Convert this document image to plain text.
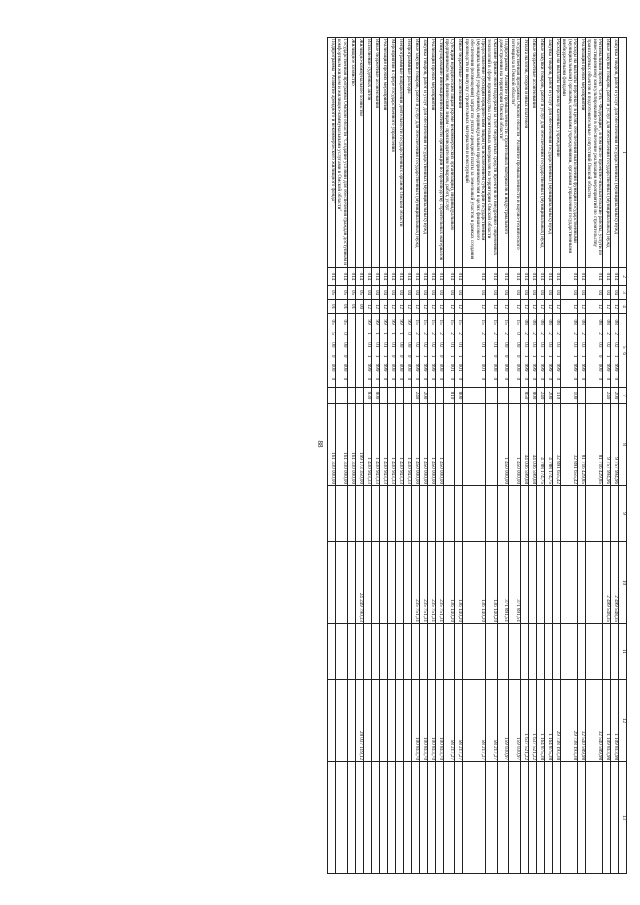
88
1	2	3	4	5   6	7	8	9	10	11	12	13
Закупка товаров, работ и услуг для обеспечения государственных (муниципальных) нужд	014	04	12	0820219990	200	9 757 994,96		2 499 548,35		1 109 813,98	
Иные закупки товаров, работ и услуг для обеспечения государственных (муниципальных) нужд	014	04	12	0820219990	240	9 757 994,96		2 499 548,35		1 109 813,98	
Региональный проект "Сеть - Федерация", в том числе проектно-изыскательские работы, услуги по инвестиционному консультированию в обеспечение реализации мероприятий по строительству транспортных объектов и подготовительные сопутствий Омской области	014	04	12	0820300000		81 716 429,85				32 540 589,98	
Реализация прочих мероприятий	014	04	12	0820319990		81 716 429,85				32 540 589,98	
Расходы на выплаты персоналу в целях обеспечения выполнения функций государственными (муниципальными) органами, казенными учреждениями, органами управления государственными внебюджетными фондами	014	04	12	0820319990	100	32 891 655,42				29 738 193,38	
Расходы на выплаты персоналу казенных учреждений	014	04	12	0820319990	110	32 891 655,42				29 738 193,38	
Закупка товаров, работ и услуг для обеспечения государственных (муниципальных) нужд	014	04	12	0820319990	200	4 788 174,75				1 164 875,38	
Иные закупки товаров, работ и услуг для обеспечения государственных (муниципальных) нужд	014	04	12	0820319990	240	4 788 174,75				1 164 875,38	
Иные бюджетные ассигнования	014	04	12	0820319990	800	44 036 599,68				1 637 521,22	
Уплата налогов, сборов и иных платежей	014	04	12	0820319990	850	44 036 599,68				1 637 521,22	
Государственная программа Омской области "Развитие промышленности и научно-технического потенциала в Омской области"	014	04	12	1500000000		1 450 000,00		371 891,51		159 030,97	
Подпрограмма "Развитие промышленности строительных материалов и индустриального домостроения на территории Омской области"	014	04	12	1520000000		1 450 000,00		371 891,51		159 030,97	
Оказание финансовой поддержки за счет бюджетных средств проектов по внедрению современных технологий в сфере производства строительных материалов на территории Омской области	014	04	12	1520100000				136 140,20		58 217,27	
Предоставление субсидий юридическим лицам (за исключением субсидий государственным (муниципальным) учреждениям), индивидуальным предпринимателям в целях финансового обеспечения (возмещения) затрат по уплате арендной платы за земельный участок в рамках создания производств по выпуску строительных материалов и конструкций	014	04	12	1520110010				136 140,20		58 217,27	
Иные бюджетные ассигнования	014	04	12	1520110010	800			136 140,20		58 217,27	
Субсидии юридическим лицам (кроме некоммерческих организаций), индивидуальным предпринимателям, физическим лицам - производителям товаров, работ, услуг	014	04	12	1520110010	810			136 140,20		58 217,27	
Стимулирование инновационной активности организаций по производству строительных материалов	014	04	12	1520200000		1 450 000,00		235 751,31		100 813,70	
Реализация прочих мероприятий	014	04	12	1520219990		1 450 000,00		235 751,31		100 813,70	
Закупка товаров, работ и услуг для обеспечения государственных (муниципальных) нужд	014	04	12	1520219990	200	1 450 000,00		235 751,31		100 813,70	
Иные закупки товаров, работ и услуг для обеспечения государственных (муниципальных) нужд	014	04	12	1520219990	240	1 450 000,00		235 751,31		100 813,70	
Непрограммные расходы	014	04	12	9900000000		1 430 943,33					
Непрограммные направления деятельности государственных органов Омской области	014	04	12	9910000000		1 430 943,33					
Мероприятия в сфере государственного управления	014	04	12	9910100000		1 430 943,33					
Реализация прочих мероприятий	014	04	12	9910119990		1 430 943,33					
Иные бюджетные ассигнования	014	04	12	9910119990	800	1 430 943,33					
Исполнение судебных актов	014	04	12	9910119990	830	1 430 943,33					
Жилищно-коммунальное хозяйство	014	05	00			199 173 350,00		24 249 790,33		28 037 119,12	
Жилищное хозяйство	014	05	01			161 330 000,00					
Государственная программа Омской области "Создание условий для обеспечения граждан доступным и комфортным жильем и жилищно-коммунальными услугами в Омской области"	014	05	01	0500000000		161 330 000,00					
Подпрограмма "Развитие арендного и некоммерческого жилищного фонда"	014	05	01	0550000000		161 330 000,00					
